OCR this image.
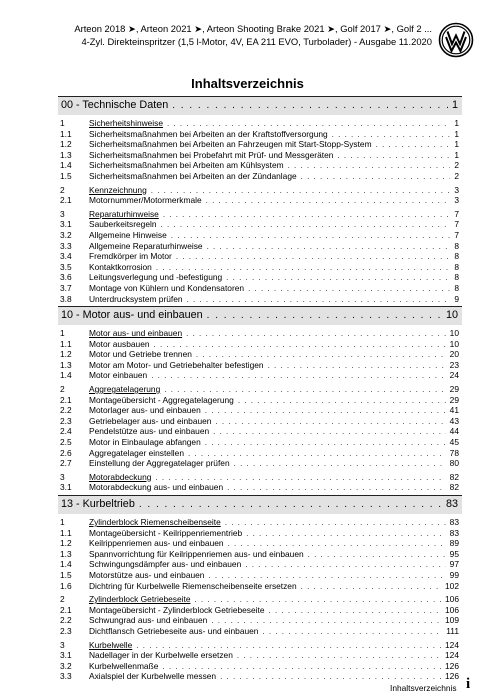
Arteon 2018 ➤, Arteon 2021 ➤, Arteon Shooting Brake 2021 ➤, Golf 2017 ➤, Golf 2 ...
4-Zyl. Direkteinspritzer (1,5 l-Motor, 4V, EA 211 EVO, Turbolader) - Ausgabe 11.2020
Inhaltsverzeichnis
00 - Technische Daten . . .	1
1	Sicherheitshinweise . . .	1
1.1	Sicherheitsmaßnahmen bei Arbeiten an der Kraftstoffversorgung . . .	1
1.2	Sicherheitsmaßnahmen bei Arbeiten an Fahrzeugen mit Start-Stopp-System . . .	1
1.3	Sicherheitsmaßnahmen bei Probefahrt mit Prüf- und Messgeräten . . .	1
1.4	Sicherheitsmaßnahmen bei Arbeiten am Kühlsystem . . .	2
1.5	Sicherheitsmaßnahmen bei Arbeiten an der Zündanlage . . .	2
2	Kennzeichnung . . .	3
2.1	Motornummer/Motormerkmale . . .	3
3	Reparaturhinweise . . .	7
3.1	Sauberkeitsregeln . . .	7
3.2	Allgemeine Hinweise . . .	7
3.3	Allgemeine Reparaturhinweise . . .	8
3.4	Fremdkörper im Motor . . .	8
3.5	Kontaktkorrosion . . .	8
3.6	Leitungsverlegung und -befestigung . . .	8
3.7	Montage von Kühlern und Kondensatoren . . .	8
3.8	Unterdrucksystem prüfen . . .	9
10 - Motor aus- und einbauen . . .	10
1	Motor aus- und einbauen . . .	10
1.1	Motor ausbauen . . .	10
1.2	Motor und Getriebe trennen . . .	20
1.3	Motor am Motor- und Getriebehalter befestigen . . .	23
1.4	Motor einbauen . . .	24
2	Aggregatelagerung . . .	29
2.1	Montageübersicht - Aggregatelagerung . . .	29
2.2	Motorlager aus- und einbauen . . .	41
2.3	Getriebelager aus- und einbauen . . .	43
2.4	Pendelstütze aus- und einbauen . . .	44
2.5	Motor in Einbaulage abfangen . . .	45
2.6	Aggregatelager einstellen . . .	78
2.7	Einstellung der Aggregatelager prüfen . . .	80
3	Motorabdeckung . . .	82
3.1	Motorabdeckung aus- und einbauen . . .	82
13 - Kurbeltrieb . . .	83
1	Zylinderblock Riemenscheibenseite . . .	83
1.1	Montageübersicht - Keilrippenriementrieb . . .	83
1.2	Keilrippenriemen aus- und einbauen . . .	89
1.3	Spannvorrichtung für Keilrippenriemen aus- und einbauen . . .	95
1.4	Schwingungsdämpfer aus- und einbauen . . .	97
1.5	Motorstütze aus- und einbauen . . .	99
1.6	Dichtring für Kurbelwelle Riemenscheibenseite ersetzen . . .	102
2	Zylinderblock Getriebeseite . . .	106
2.1	Montageübersicht - Zylinderblock Getriebeseite . . .	106
2.2	Schwungrad aus- und einbauen . . .	109
2.3	Dichtflansch Getriebeseite aus- und einbauen . . .	111
3	Kurbelwelle . . .	124
3.1	Nadellager in der Kurbelwelle ersetzen . . .	124
3.2	Kurbelwellenmaße . . .	126
3.3	Axialspiel der Kurbelwelle messen . . .	126
Inhaltsverzeichnis i
